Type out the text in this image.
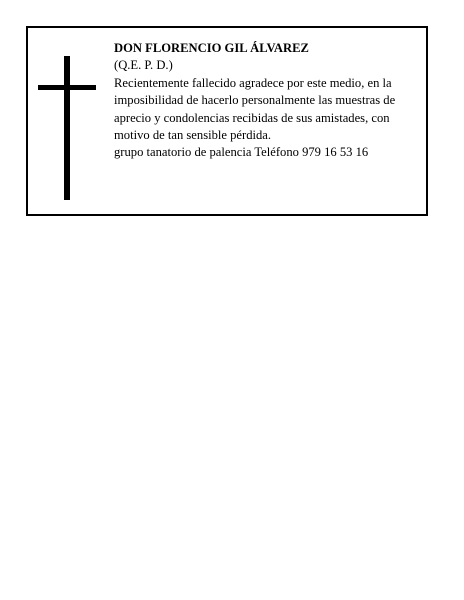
DON FLORENCIO GIL ÁLVAREZ

(Q.E. P. D.)

Recientemente fallecido agradece por este medio, en la imposibilidad de hacerlo personalmente las muestras de aprecio y condolencias recibidas de sus amistades, con motivo de tan sensible pérdida.

grupo tanatorio de palencia Teléfono 979 16 53 16
